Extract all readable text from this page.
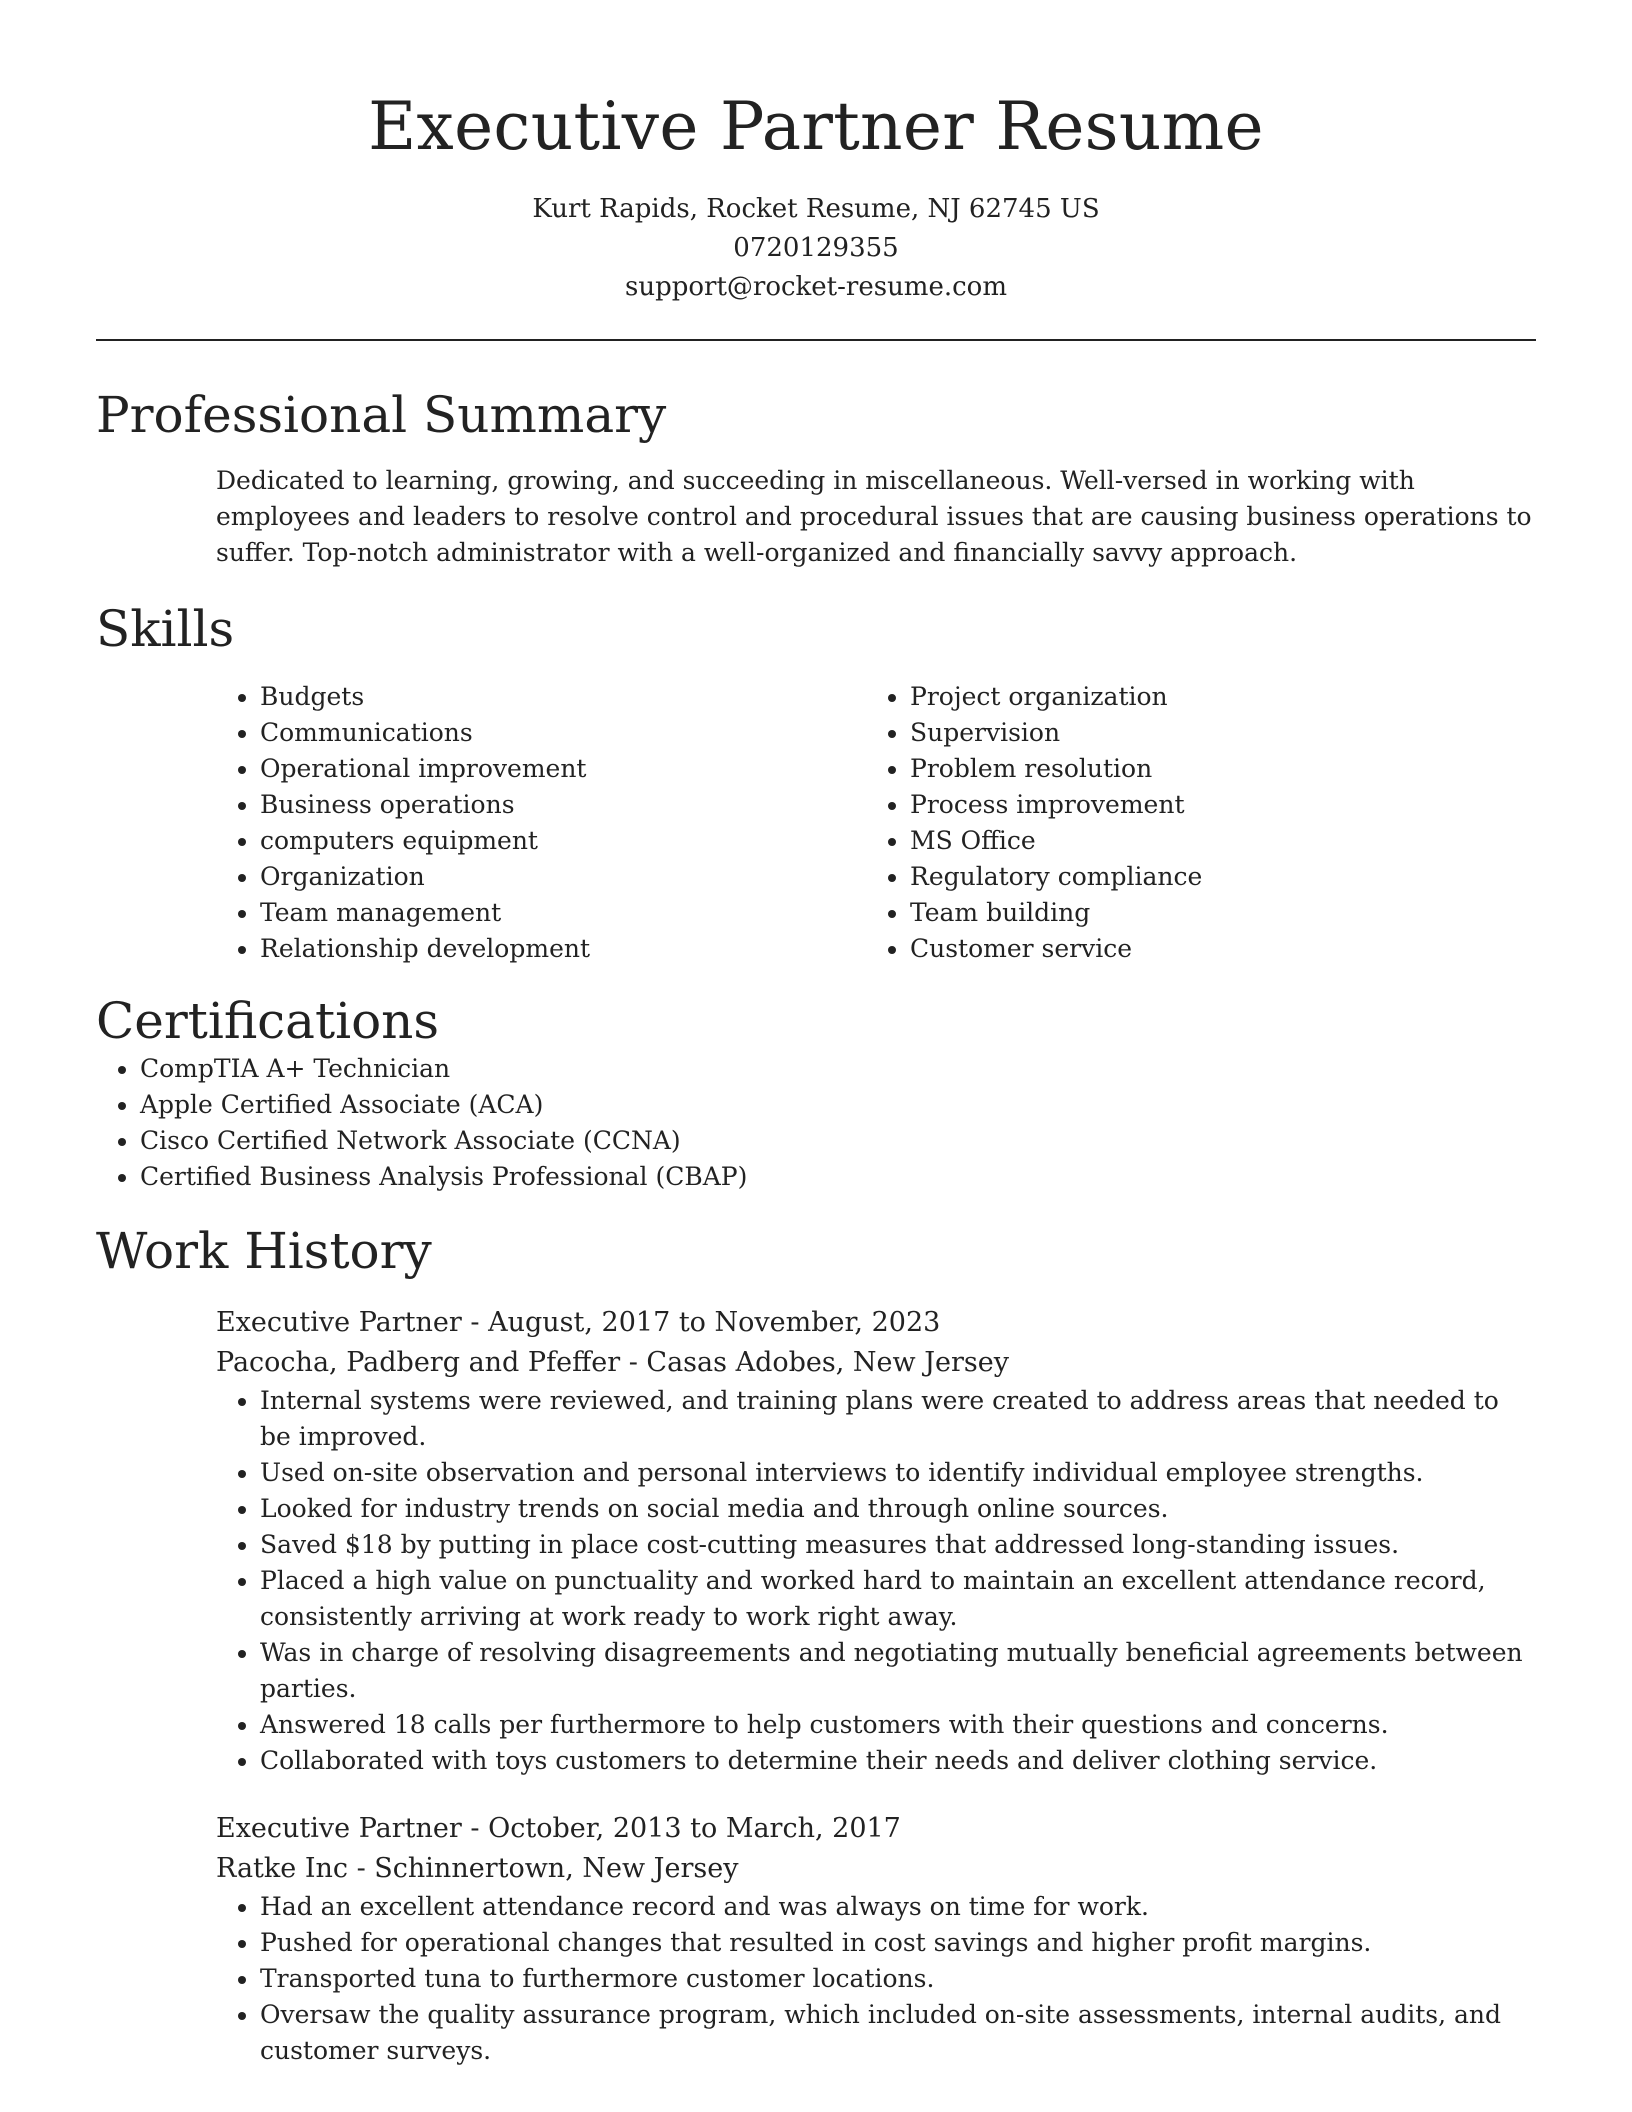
Executive Partner Resume
Kurt Rapids, Rocket Resume, NJ 62745 US
0720129355
support@rocket-resume.com
Professional Summary

Dedicated to learning, growing, and succeeding in miscellaneous. Well-versed in working with employees and leaders to resolve control and procedural issues that are causing business operations to suffer. Top-notch administrator with a well-organized and financially savvy approach.

Skills
• Budgets
• Communications
• Operational improvement
• Business operations
• computers equipment
• Organization
• Team management
• Relationship development
• Project organization
• Supervision
• Problem resolution
• Process improvement
• MS Office
• Regulatory compliance
• Team building
• Customer service
Certifications
• CompTIA A+ Technician
• Apple Certified Associate (ACA)
• Cisco Certified Network Associate (CCNA)
• Certified Business Analysis Professional (CBAP)
Work History
Executive Partner - August, 2017 to November, 2023
Pacocha, Padberg and Pfeffer - Casas Adobes, New Jersey
• Internal systems were reviewed, and training plans were created to address areas that needed to be improved.
• Used on-site observation and personal interviews to identify individual employee strengths.
• Looked for industry trends on social media and through online sources.
• Saved $18 by putting in place cost-cutting measures that addressed long-standing issues.
• Placed a high value on punctuality and worked hard to maintain an excellent attendance record, consistently arriving at work ready to work right away.
• Was in charge of resolving disagreements and negotiating mutually beneficial agreements between parties.
• Answered 18 calls per furthermore to help customers with their questions and concerns.
• Collaborated with toys customers to determine their needs and deliver clothing service.
Executive Partner - October, 2013 to March, 2017
Ratke Inc - Schinnertown, New Jersey
• Had an excellent attendance record and was always on time for work.
• Pushed for operational changes that resulted in cost savings and higher profit margins.
• Transported tuna to furthermore customer locations.
• Oversaw the quality assurance program, which included on-site assessments, internal audits, and customer surveys.
